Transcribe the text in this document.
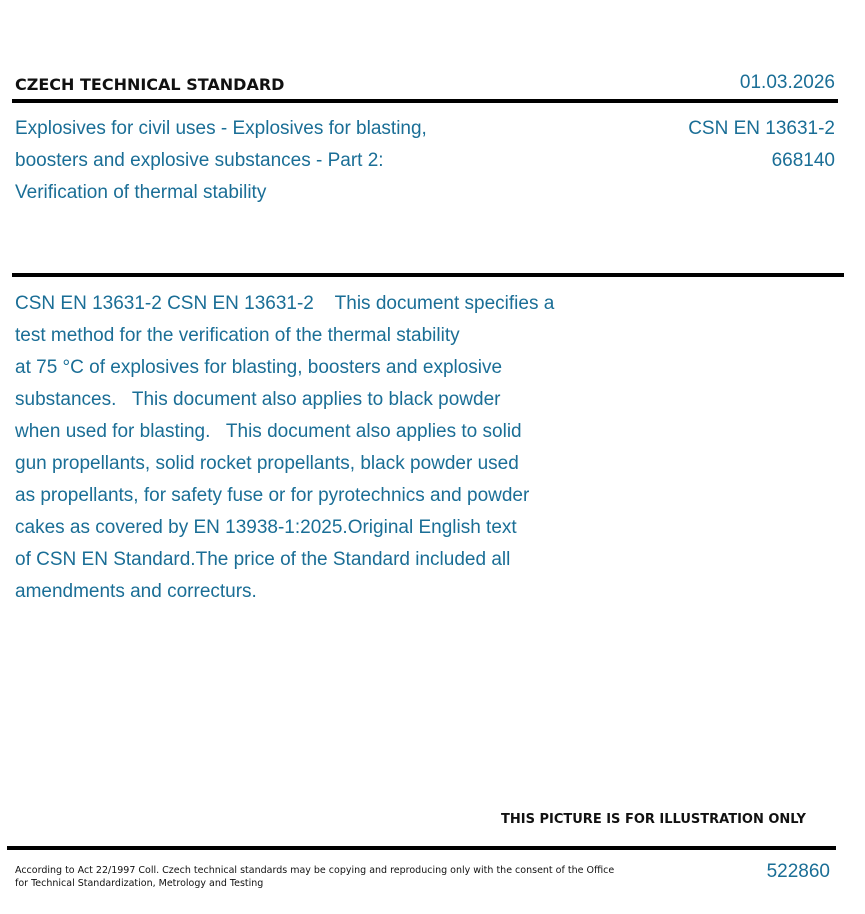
CZECH TECHNICAL STANDARD	01.03.2026
Explosives for civil uses - Explosives for blasting,
boosters and explosive substances - Part 2:
Verification of thermal stability
CSN EN 13631-2
668140
CSN EN 13631-2 CSN EN 13631-2    This document specifies a
test method for the verification of the thermal stability
at 75 °C of explosives for blasting, boosters and explosive
substances.   This document also applies to black powder
when used for blasting.   This document also applies to solid
gun propellants, solid rocket propellants, black powder used
as propellants, for safety fuse or for pyrotechnics and powder
cakes as covered by EN 13938-1:2025.Original English text
of CSN EN Standard.The price of the Standard included all
amendments and correcturs.
THIS PICTURE IS FOR ILLUSTRATION ONLY
According to Act 22/1997 Coll. Czech technical standards may be copying and reproducing only with the consent of the Office
for Technical Standardization, Metrology and Testing
522860
